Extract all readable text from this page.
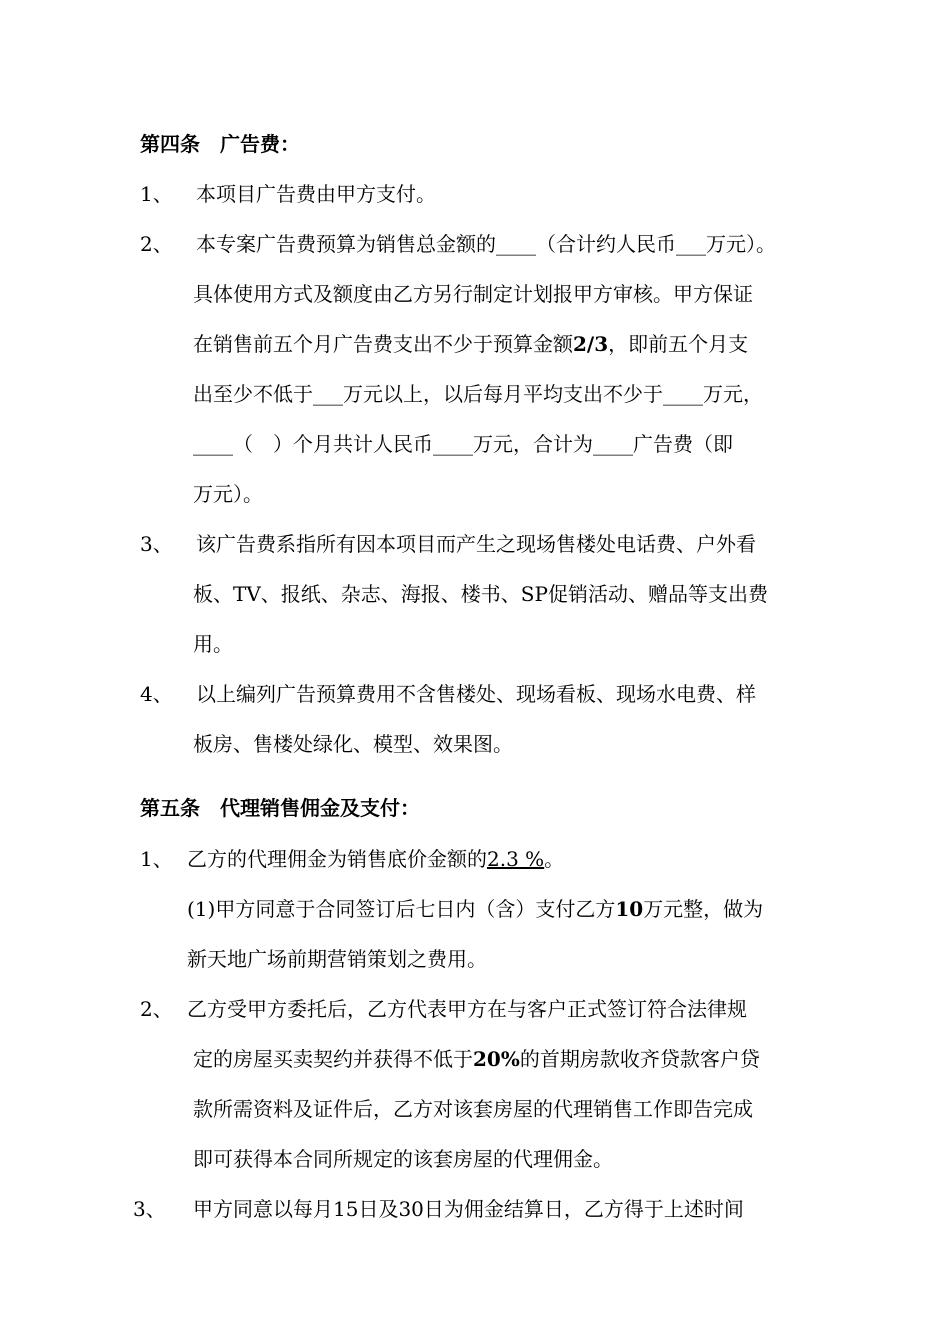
第四条　广告费：
1、 本项目广告费由甲方支付。
2、 本专案广告费预算为销售总金额的____（合计约人民币___万元）。
具体使用方式及额度由乙方另行制定计划报甲方审核。甲方保证
在销售前五个月广告费支出不少于预算金额2/3，即前五个月支
出至少不低于___万元以上，以后每月平均支出不少于____万元，
____（　）个月共计人民币____万元，合计为____广告费（即
万元）。
3、 该广告费系指所有因本项目而产生之现场售楼处电话费、户外看
板、TV、报纸、杂志、海报、楼书、SP促销活动、赠品等支出费
用。
4、 以上编列广告预算费用不含售楼处、现场看板、现场水电费、样
板房、售楼处绿化、模型、效果图。
第五条　代理销售佣金及支付：
1、 乙方的代理佣金为销售底价金额的2.3 %。
(1)甲方同意于合同签订后七日内（含）支付乙方10万元整，做为
新天地广场前期营销策划之费用。
2、 乙方受甲方委托后，乙方代表甲方在与客户正式签订符合法律规
定的房屋买卖契约并获得不低于20%的首期房款收齐贷款客户贷
款所需资料及证件后，乙方对该套房屋的代理销售工作即告完成
即可获得本合同所规定的该套房屋的代理佣金。
3、 甲方同意以每月15日及30日为佣金结算日，乙方得于上述时间
